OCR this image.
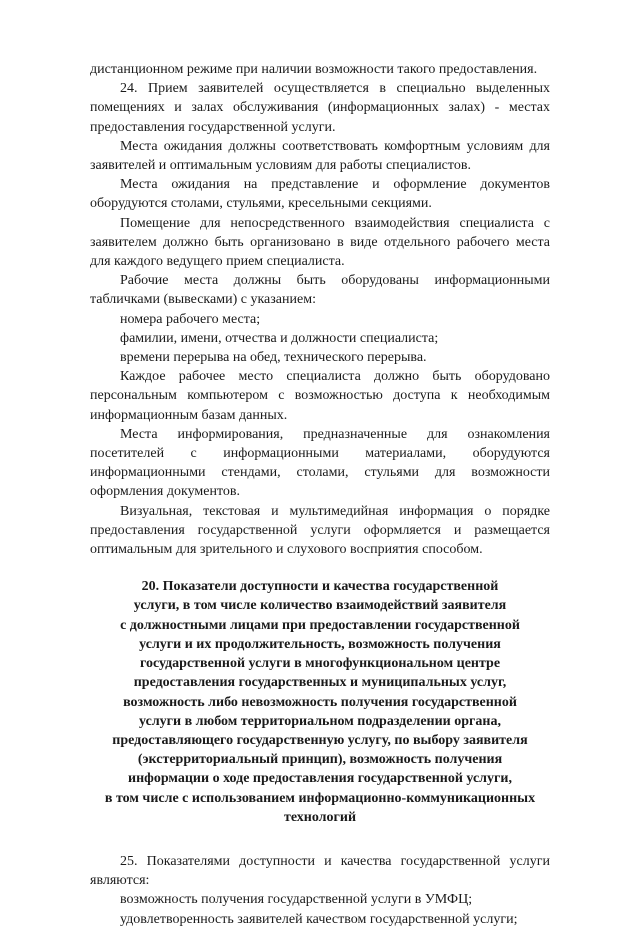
дистанционном режиме при наличии возможности такого предоставления.

24. Прием заявителей осуществляется в специально выделенных помещениях и залах обслуживания (информационных залах) - местах предоставления государственной услуги.

Места ожидания должны соответствовать комфортным условиям для заявителей и оптимальным условиям для работы специалистов.

Места ожидания на представление и оформление документов оборудуются столами, стульями, кресельными секциями.

Помещение для непосредственного взаимодействия специалиста с заявителем должно быть организовано в виде отдельного рабочего места для каждого ведущего прием специалиста.

Рабочие места должны быть оборудованы информационными табличками (вывесками) с указанием:

номера рабочего места;

фамилии, имени, отчества и должности специалиста;

времени перерыва на обед, технического перерыва.

Каждое рабочее место специалиста должно быть оборудовано персональным компьютером с возможностью доступа к необходимым информационным базам данных.

Места информирования, предназначенные для ознакомления посетителей с информационными материалами, оборудуются информационными стендами, столами, стульями для возможности оформления документов.

Визуальная, текстовая и мультимедийная информация о порядке предоставления государственной услуги оформляется и размещается оптимальным для зрительного и слухового восприятия способом.

20. Показатели доступности и качества государственной
услуги, в том числе количество взаимодействий заявителя
с должностными лицами при предоставлении государственной
услуги и их продолжительность, возможность получения
государственной услуги в многофункциональном центре
предоставления государственных и муниципальных услуг,
возможность либо невозможность получения государственной
услуги в любом территориальном подразделении органа,
предоставляющего государственную услугу, по выбору заявителя
(экстерриториальный принцип), возможность получения
информации о ходе предоставления государственной услуги,
в том числе с использованием информационно-коммуникационных
технологий

25. Показателями доступности и качества государственной услуги являются:

возможность получения государственной услуги в УМФЦ;

удовлетворенность заявителей качеством государственной услуги;
